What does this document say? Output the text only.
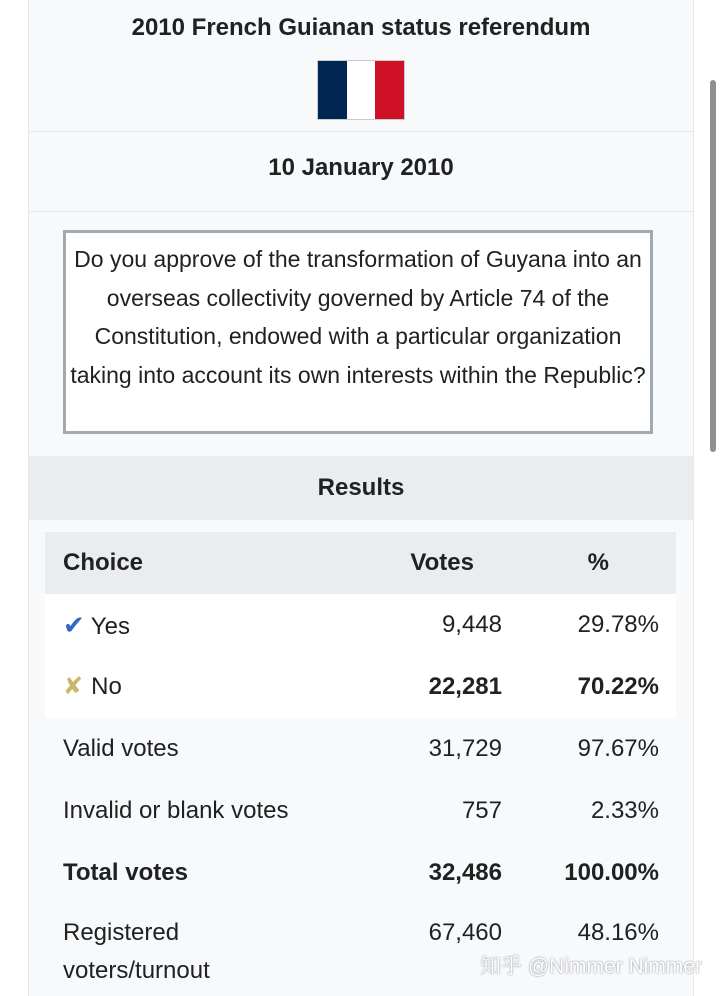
2010 French Guianan status referendum
10 January 2010
Do you approve of the transformation of Guyana into an overseas collectivity governed by Article 74 of the Constitution, endowed with a particular organization taking into account its own interests within the Republic?
Results
Choice	Votes	%
✔ Yes	9,448	29.78%
✘ No	22,281	70.22%
Valid votes	31,729	97.67%
Invalid or blank votes	757	2.33%
Total votes	32,486	100.00%
Registered
voters/turnout
67,460	48.16%
知乎 @Nimmer Nimmer
